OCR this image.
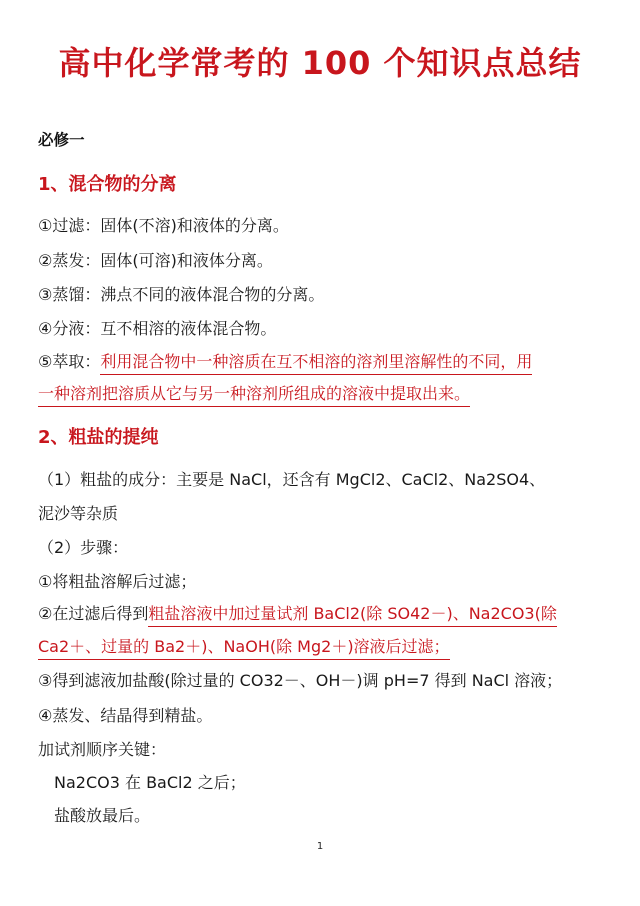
高中化学常考的 100 个知识点总结
必修一
1、混合物的分离
①过滤：固体(不溶)和液体的分离。
②蒸发：固体(可溶)和液体分离。
③蒸馏：沸点不同的液体混合物的分离。
④分液：互不相溶的液体混合物。
⑤萃取：利用混合物中一种溶质在互不相溶的溶剂里溶解性的不同，用
一种溶剂把溶质从它与另一种溶剂所组成的溶液中提取出来。
2、粗盐的提纯
（1）粗盐的成分：主要是 NaCl，还含有 MgCl2、CaCl2、Na2SO4、
泥沙等杂质
（2）步骤：
①将粗盐溶解后过滤；
②在过滤后得到粗盐溶液中加过量试剂 BaCl2(除 SO42－)、Na2CO3(除
Ca2＋、过量的 Ba2＋)、NaOH(除 Mg2＋)溶液后过滤；
③得到滤液加盐酸(除过量的 CO32－、OH－)调 pH=7 得到 NaCl 溶液；
④蒸发、结晶得到精盐。
加试剂顺序关键：
Na2CO3 在 BaCl2 之后；
盐酸放最后。
1
